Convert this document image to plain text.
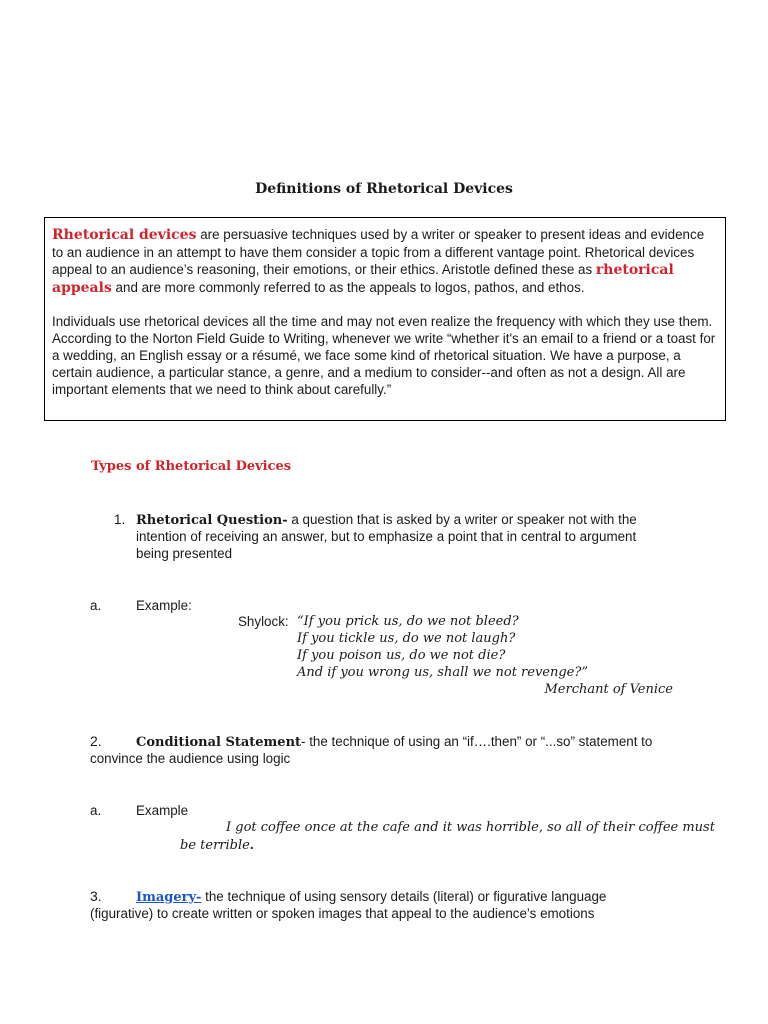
Definitions of Rhetorical Devices

Rhetorical devices are persuasive techniques used by a writer or speaker to present ideas and evidence to an audience in an attempt to have them consider a topic from a different vantage point. Rhetorical devices appeal to an audience’s reasoning, their emotions, or their ethics. Aristotle defined these as rhetorical appeals and are more commonly referred to as the appeals to logos, pathos, and ethos.

Individuals use rhetorical devices all the time and may not even realize the frequency with which they use them. According to the Norton Field Guide to Writing, whenever we write “whether it's an email to a friend or a toast for a wedding, an English essay or a résumé, we face some kind of rhetorical situation. We have a purpose, a certain audience, a particular stance, a genre, and a medium to consider--and often as not a design. All are important elements that we need to think about carefully.”

Types of Rhetorical Devices
1. Rhetorical Question- a question that is asked by a writer or speaker not with the
intention of receiving an answer, but to emphasize a point that in central to argument
being presented
a.	Example:
Shylock: “If you prick us, do we not bleed?
If you tickle us, do we not laugh?
If you poison us, do we not die?
And if you wrong us, shall we not revenge?”
Merchant of Venice
2.	Conditional Statement- the technique of using an “if….then” or “...so” statement to
convince the audience using logic
a.	Example
I got coffee once at the cafe and it was horrible, so all of their coffee must
be terrible.
3.	Imagery- the technique of using sensory details (literal) or figurative language
(figurative) to create written or spoken images that appeal to the audience’s emotions
